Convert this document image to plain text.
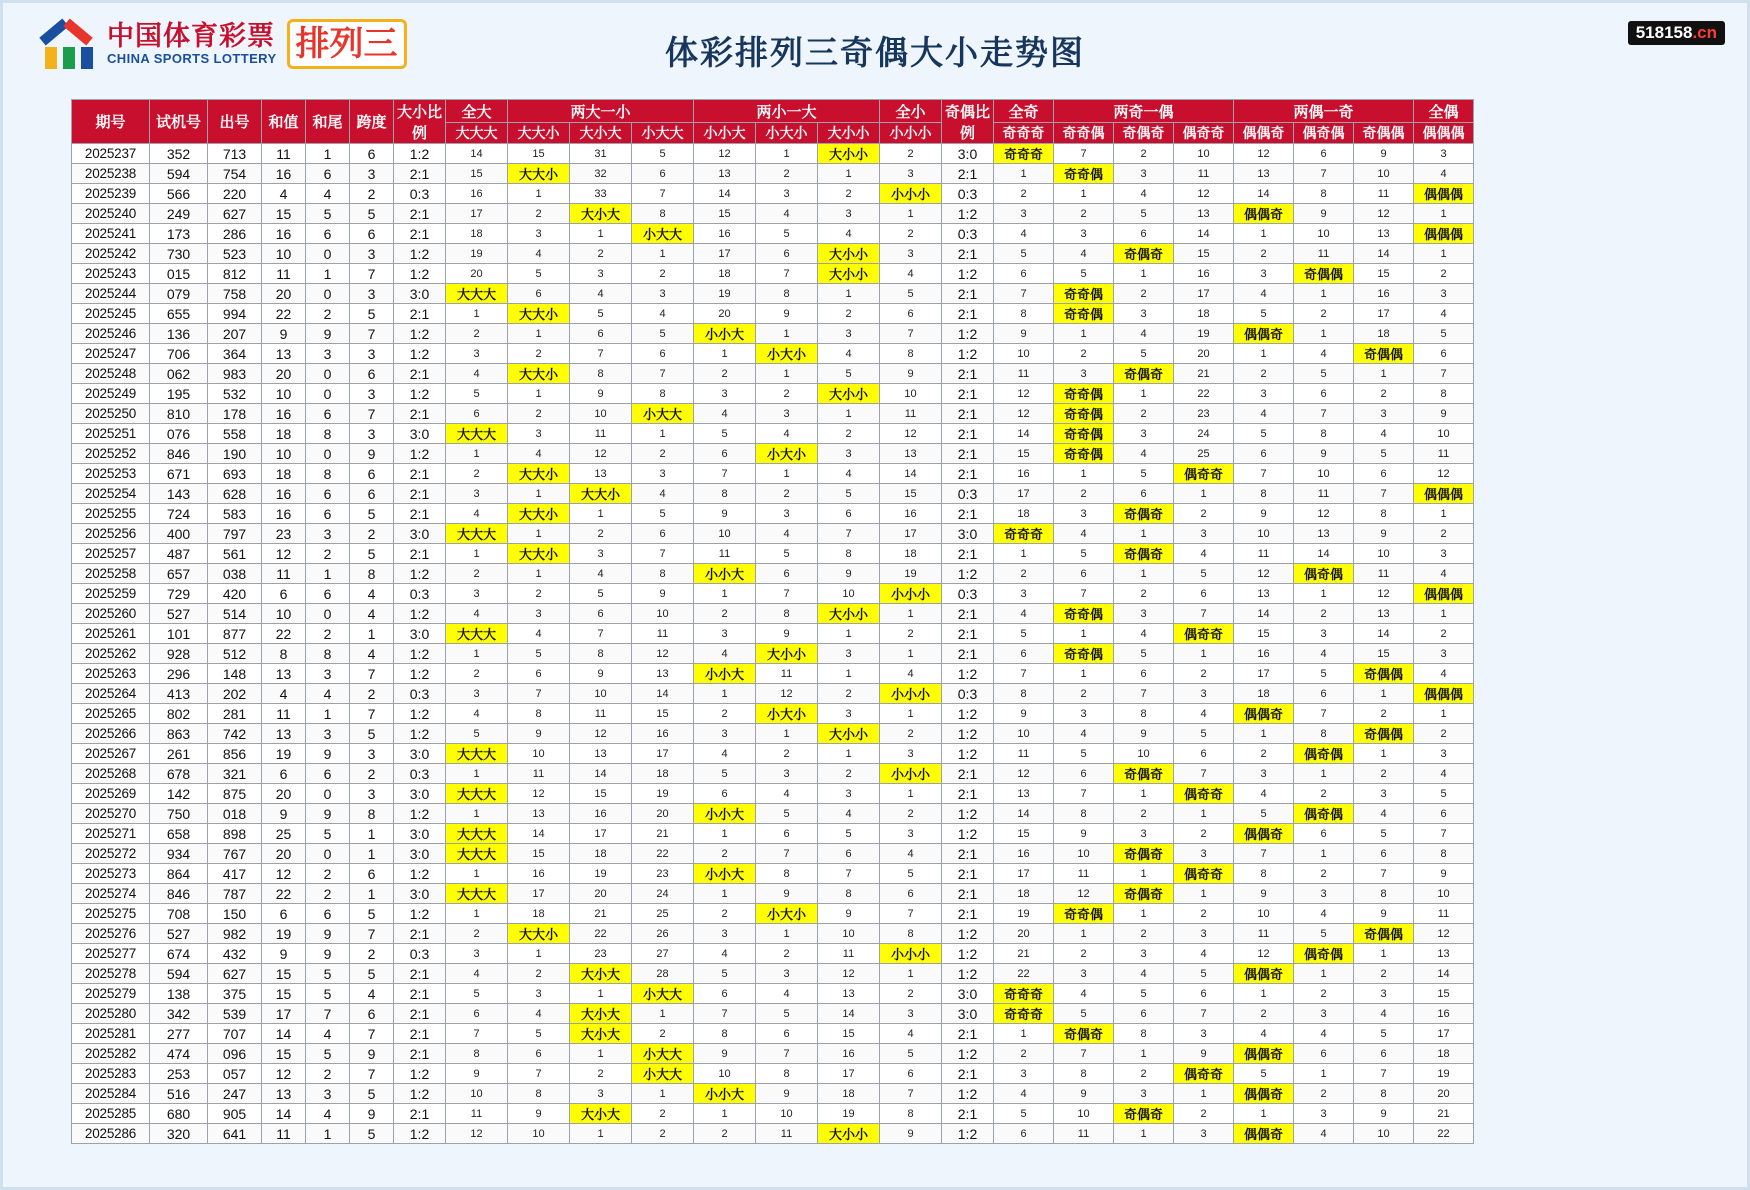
中国体育彩票
CHINA SPORTS LOTTERY 排列三	体彩排列三奇偶大小走势图
518158.cn
期号	试机号	出号	和值	和尾	跨度	大小比例	全大	两大一小			两小一大			全小	奇偶比例	全奇	两奇一偶			两偶一奇			全偶
							大大大	大大小	大小大	小大大	小小大	小大小	大小小	小小小		奇奇奇	奇奇偶	奇偶奇	偶奇奇	偶偶奇	偶奇偶	奇偶偶	偶偶偶
2025237	352	713	11	1	6	1:2	14	15	31	5	12	1	大小小	2	3:0	奇奇奇	7	2	10	12	6	9	3
2025238	594	754	16	6	3	2:1	15	大大小	32	6	13	2	1	3	2:1	1	奇奇偶	3	11	13	7	10	4
2025239	566	220	4	4	2	0:3	16	1	33	7	14	3	2	小小小	0:3	2	1	4	12	14	8	11	偶偶偶
2025240	249	627	15	5	5	2:1	17	2	大小大	8	15	4	3	1	1:2	3	2	5	13	偶偶奇	9	12	1
2025241	173	286	16	6	6	2:1	18	3	1	小大大	16	5	4	2	0:3	4	3	6	14	1	10	13	偶偶偶
2025242	730	523	10	0	3	1:2	19	4	2	1	17	6	大小小	3	2:1	5	4	奇偶奇	15	2	11	14	1
2025243	015	812	11	1	7	1:2	20	5	3	2	18	7	大小小	4	1:2	6	5	1	16	3	奇偶偶	15	2
2025244	079	758	20	0	3	3:0	大大大	6	4	3	19	8	1	5	2:1	7	奇奇偶	2	17	4	1	16	3
2025245	655	994	22	2	5	2:1	1	大大小	5	4	20	9	2	6	2:1	8	奇奇偶	3	18	5	2	17	4
2025246	136	207	9	9	7	1:2	2	1	6	5	小小大	1	3	7	1:2	9	1	4	19	偶偶奇	1	18	5
2025247	706	364	13	3	3	1:2	3	2	7	6	1	小大小	4	8	1:2	10	2	5	20	1	4	奇偶偶	6
2025248	062	983	20	0	6	2:1	4	大大小	8	7	2	1	5	9	2:1	11	3	奇偶奇	21	2	5	1	7
2025249	195	532	10	0	3	1:2	5	1	9	8	3	2	大小小	10	2:1	12	奇奇偶	1	22	3	6	2	8
2025250	810	178	16	6	7	2:1	6	2	10	小大大	4	3	1	11	2:1	12	奇奇偶	2	23	4	7	3	9
2025251	076	558	18	8	3	3:0	大大大	3	11	1	5	4	2	12	2:1	14	奇奇偶	3	24	5	8	4	10
2025252	846	190	10	0	9	1:2	1	4	12	2	6	小大小	3	13	2:1	15	奇奇偶	4	25	6	9	5	11
2025253	671	693	18	8	6	2:1	2	大大小	13	3	7	1	4	14	2:1	16	1	5	偶奇奇	7	10	6	12
2025254	143	628	16	6	6	2:1	3	1	大大小	4	8	2	5	15	0:3	17	2	6	1	8	11	7	偶偶偶
2025255	724	583	16	6	5	2:1	4	大大小	1	5	9	3	6	16	2:1	18	3	奇偶奇	2	9	12	8	1
2025256	400	797	23	3	2	3:0	大大大	1	2	6	10	4	7	17	3:0	奇奇奇	4	1	3	10	13	9	2
2025257	487	561	12	2	5	2:1	1	大大小	3	7	11	5	8	18	2:1	1	5	奇偶奇	4	11	14	10	3
2025258	657	038	11	1	8	1:2	2	1	4	8	小小大	6	9	19	1:2	2	6	1	5	12	偶奇偶	11	4
2025259	729	420	6	6	4	0:3	3	2	5	9	1	7	10	小小小	0:3	3	7	2	6	13	1	12	偶偶偶
2025260	527	514	10	0	4	1:2	4	3	6	10	2	8	大小小	1	2:1	4	奇奇偶	3	7	14	2	13	1
2025261	101	877	22	2	1	3:0	大大大	4	7	11	3	9	1	2	2:1	5	1	4	偶奇奇	15	3	14	2
2025262	928	512	8	8	4	1:2	1	5	8	12	4	大小小	3	1	2:1	6	奇奇偶	5	1	16	4	15	3
2025263	296	148	13	3	7	1:2	2	6	9	13	小小大	11	1	4	1:2	7	1	6	2	17	5	奇偶偶	4
2025264	413	202	4	4	2	0:3	3	7	10	14	1	12	2	小小小	0:3	8	2	7	3	18	6	1	偶偶偶
2025265	802	281	11	1	7	1:2	4	8	11	15	2	小大小	3	1	1:2	9	3	8	4	偶偶奇	7	2	1
2025266	863	742	13	3	5	1:2	5	9	12	16	3	1	大小小	2	1:2	10	4	9	5	1	8	奇偶偶	2
2025267	261	856	19	9	3	3:0	大大大	10	13	17	4	2	1	3	1:2	11	5	10	6	2	偶奇偶	1	3
2025268	678	321	6	6	2	0:3	1	11	14	18	5	3	2	小小小	2:1	12	6	奇偶奇	7	3	1	2	4
2025269	142	875	20	0	3	3:0	大大大	12	15	19	6	4	3	1	2:1	13	7	1	偶奇奇	4	2	3	5
2025270	750	018	9	9	8	1:2	1	13	16	20	小小大	5	4	2	1:2	14	8	2	1	5	偶奇偶	4	6
2025271	658	898	25	5	1	3:0	大大大	14	17	21	1	6	5	3	1:2	15	9	3	2	偶偶奇	6	5	7
2025272	934	767	20	0	1	3:0	大大大	15	18	22	2	7	6	4	2:1	16	10	奇偶奇	3	7	1	6	8
2025273	864	417	12	2	6	1:2	1	16	19	23	小小大	8	7	5	2:1	17	11	1	偶奇奇	8	2	7	9
2025274	846	787	22	2	1	3:0	大大大	17	20	24	1	9	8	6	2:1	18	12	奇偶奇	1	9	3	8	10
2025275	708	150	6	6	5	1:2	1	18	21	25	2	小大小	9	7	2:1	19	奇奇偶	1	2	10	4	9	11
2025276	527	982	19	9	7	2:1	2	大大小	22	26	3	1	10	8	1:2	20	1	2	3	11	5	奇偶偶	12
2025277	674	432	9	9	2	0:3	3	1	23	27	4	2	11	小小小	1:2	21	2	3	4	12	偶奇偶	1	13
2025278	594	627	15	5	5	2:1	4	2	大小大	28	5	3	12	1	1:2	22	3	4	5	偶偶奇	1	2	14
2025279	138	375	15	5	4	2:1	5	3	1	小大大	6	4	13	2	3:0	奇奇奇	4	5	6	1	2	3	15
2025280	342	539	17	7	6	2:1	6	4	大小大	1	7	5	14	3	3:0	奇奇奇	5	6	7	2	3	4	16
2025281	277	707	14	4	7	2:1	7	5	大小大	2	8	6	15	4	2:1	1	奇偶奇	8	3	4	4	5	17
2025282	474	096	15	5	9	2:1	8	6	1	小大大	9	7	16	5	1:2	2	7	1	9	偶偶奇	6	6	18
2025283	253	057	12	2	7	1:2	9	7	2	小大大	10	8	17	6	2:1	3	8	2	偶奇奇	5	1	7	19
2025284	516	247	13	3	5	1:2	10	8	3	1	小小大	9	18	7	1:2	4	9	3	1	偶偶奇	2	8	20
2025285	680	905	14	4	9	2:1	11	9	大小大	2	1	10	19	8	2:1	5	10	奇偶奇	2	1	3	9	21
2025286	320	641	11	1	5	1:2	12	10	1	2	2	11	大小小	9	1:2	6	11	1	3	偶偶奇	4	10	22
